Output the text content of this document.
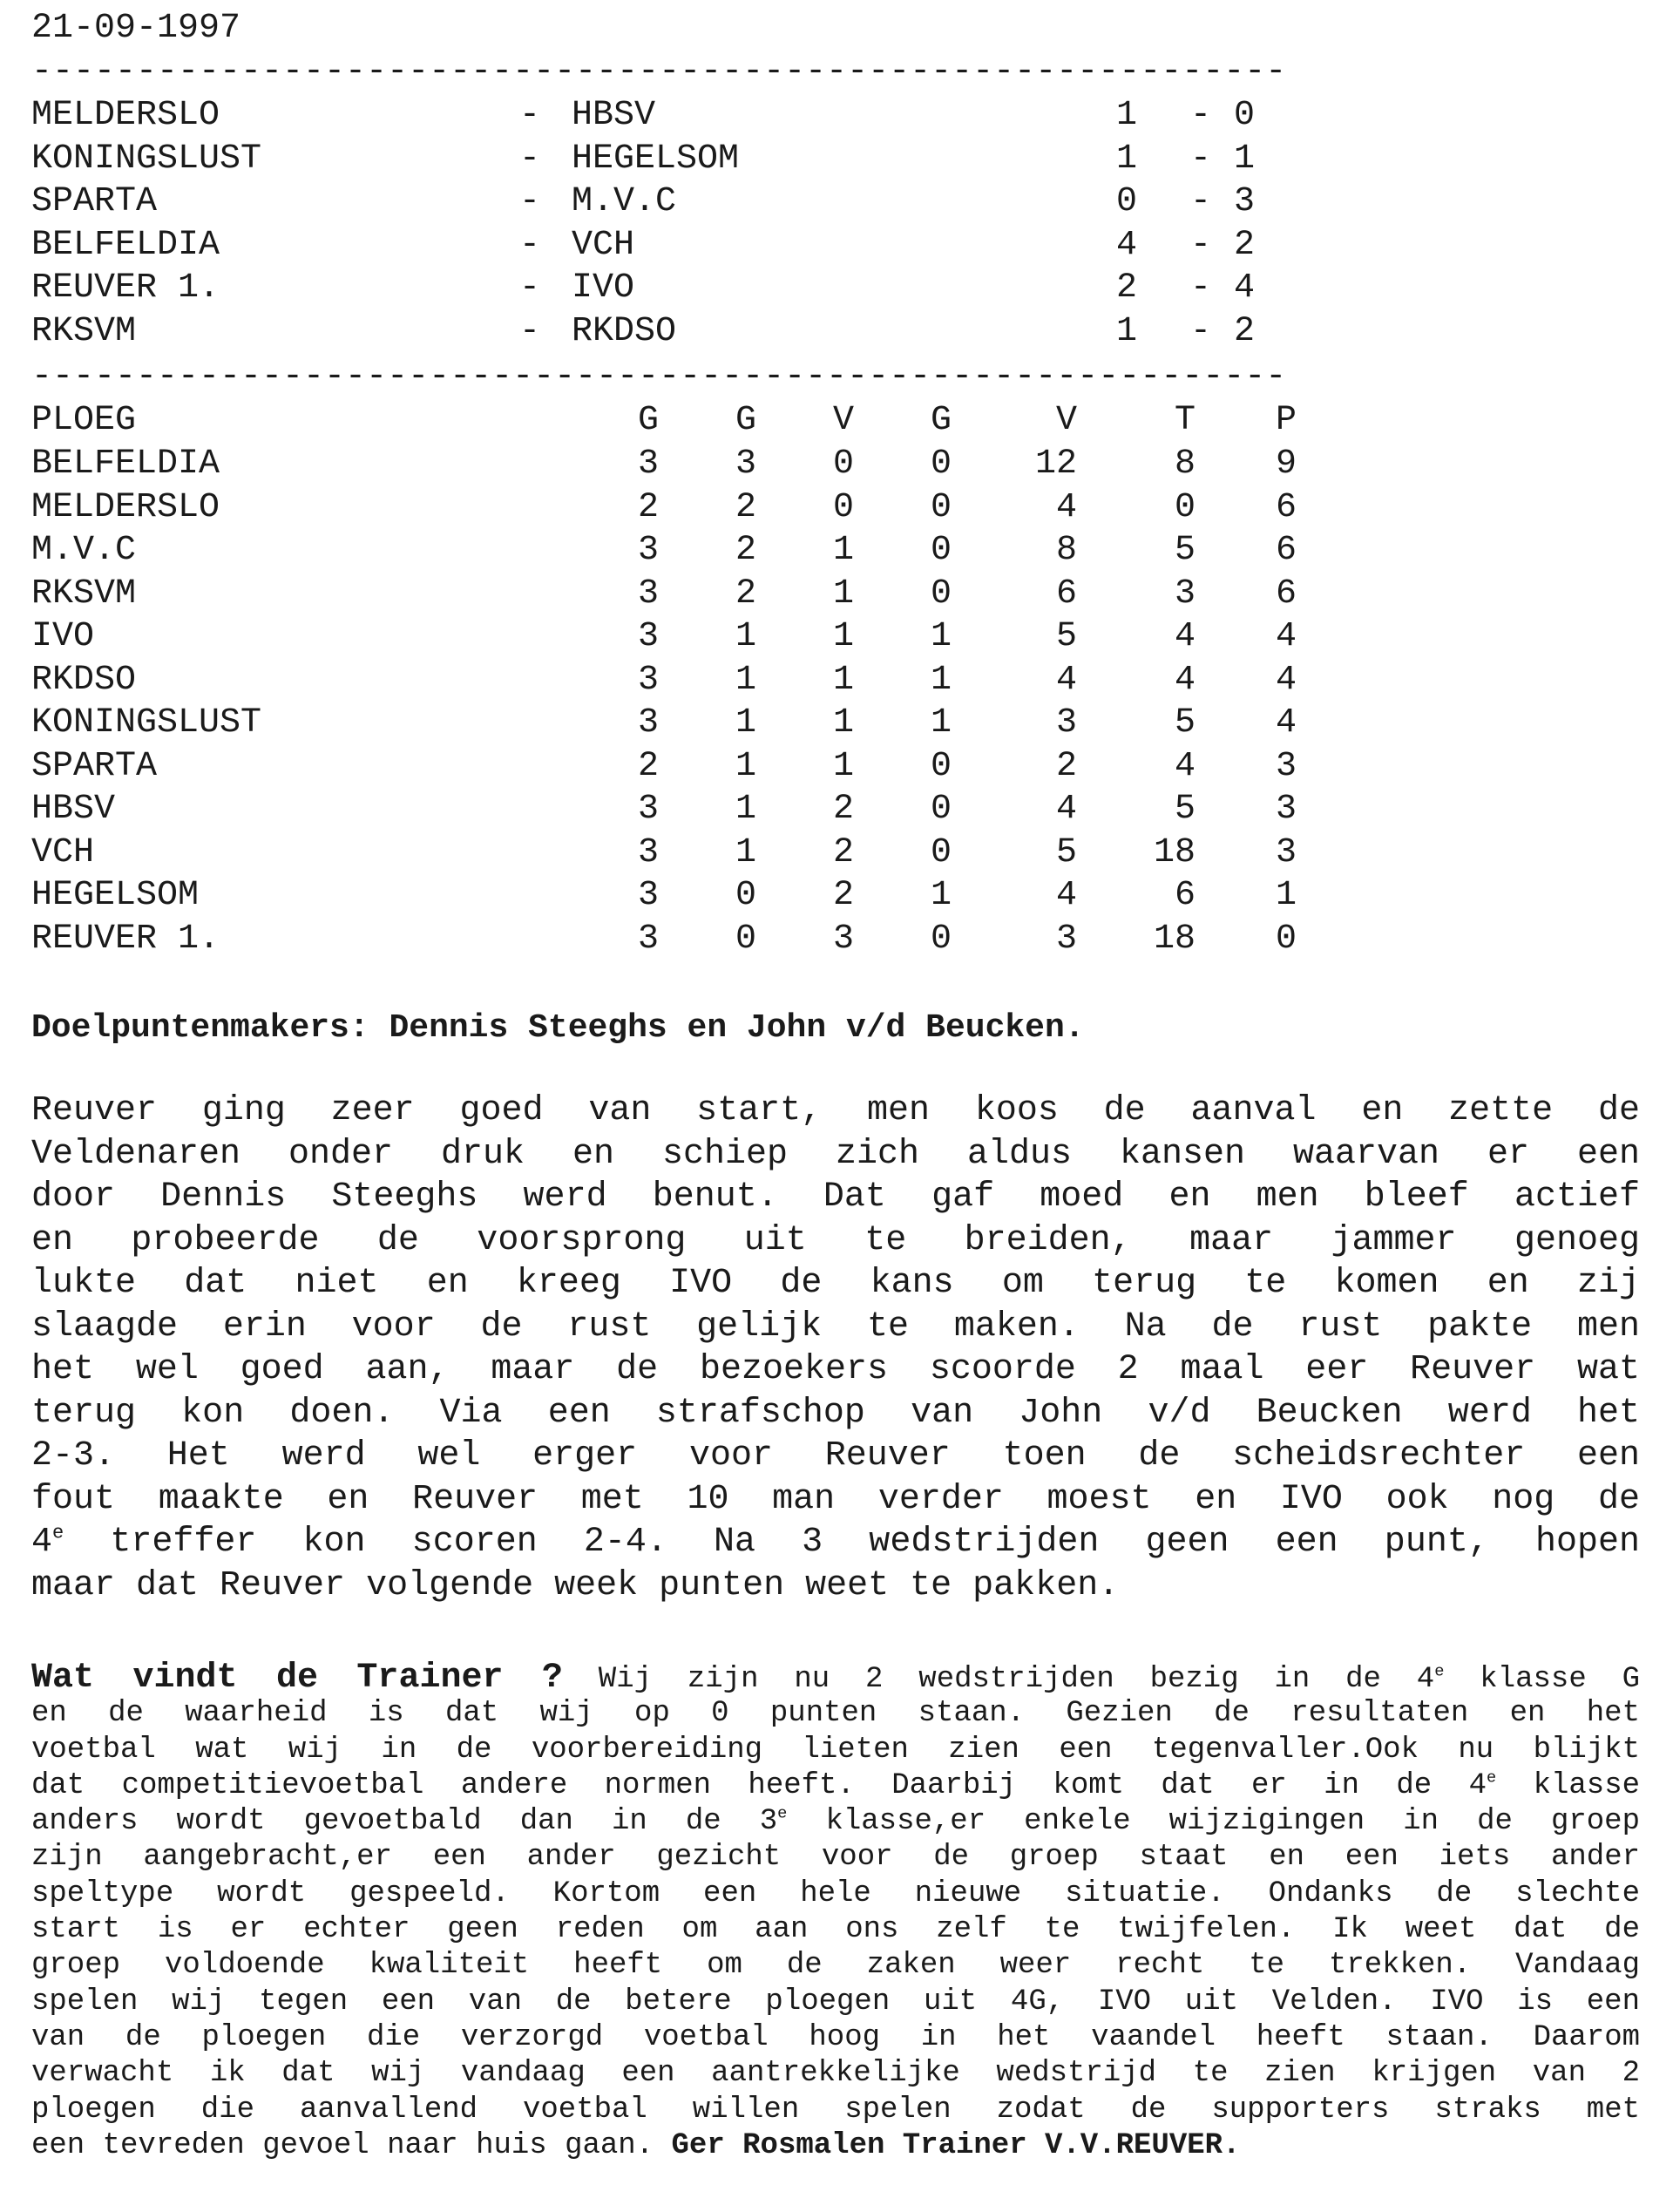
21-09-1997
------------------------------------------------------------
MELDERSLO	- HBSV	1 - 0
KONINGSLUST	- HEGELSOM	1 - 1
SPARTA	- M.V.C	0 - 3
BELFELDIA	- VCH	4 - 2
REUVER 1.	- IVO	2 - 4
RKSVM	- RKDSO	1 - 2
------------------------------------------------------------
PLOEG	G	G	V	G	V	T	P
BELFELDIA	3	3	0	0	12	8	9
MELDERSLO	2	2	0	0	4	0	6
M.V.C	3	2	1	0	8	5	6
RKSVM	3	2	1	0	6	3	6
IVO	3	1	1	1	5	4	4
RKDSO	3	1	1	1	4	4	4
KONINGSLUST	3	1	1	1	3	5	4
SPARTA	2	1	1	0	2	4	3
HBSV	3	1	2	0	4	5	3
VCH	3	1	2	0	5	18	3
HEGELSOM	3	0	2	1	4	6	1
REUVER 1.	3	0	3	0	3	18	0
Doelpuntenmakers: Dennis Steeghs en John v/d Beucken.
Reuver ging zeer goed van start, men koos de aanval en zette de
Veldenaren onder druk en schiep zich aldus kansen waarvan er een
door Dennis Steeghs werd benut. Dat gaf moed en men bleef actief
en probeerde de voorsprong uit te breiden, maar jammer genoeg
lukte dat niet en kreeg IVO de kans om terug te komen en zij
slaagde erin voor de rust gelijk te maken. Na de rust pakte men
het wel goed aan, maar de bezoekers scoorde 2 maal eer Reuver wat
terug kon doen. Via een strafschop van John v/d Beucken werd het
2-3. Het werd wel erger voor Reuver toen de scheidsrechter een
fout maakte en Reuver met 10 man verder moest en IVO ook nog de
4e treffer kon scoren 2-4. Na 3 wedstrijden geen een punt, hopen
maar dat Reuver volgende week punten weet te pakken.
Wat vindt de Trainer ? Wij zijn nu 2 wedstrijden bezig in de 4e klasse G
en de waarheid is dat wij op 0 punten staan. Gezien de resultaten en het
voetbal wat wij in de voorbereiding lieten zien een tegenvaller.Ook nu blijkt
dat competitievoetbal andere normen heeft. Daarbij komt dat er in de 4e klasse
anders wordt gevoetbald dan in de 3e klasse,er enkele wijzigingen in de groep
zijn aangebracht,er een ander gezicht voor de groep staat en een iets ander
speltype wordt gespeeld. Kortom een hele nieuwe situatie. Ondanks de slechte
start is er echter geen reden om aan ons zelf te twijfelen. Ik weet dat de
groep voldoende kwaliteit heeft om de zaken weer recht te trekken. Vandaag
spelen wij tegen een van de betere ploegen uit 4G, IVO uit Velden. IVO is een
van de ploegen die verzorgd voetbal hoog in het vaandel heeft staan. Daarom
verwacht ik dat wij vandaag een aantrekkelijke wedstrijd te zien krijgen van 2
ploegen die aanvallend voetbal willen spelen zodat de supporters straks met
een tevreden gevoel naar huis gaan. Ger Rosmalen Trainer V.V.REUVER.
